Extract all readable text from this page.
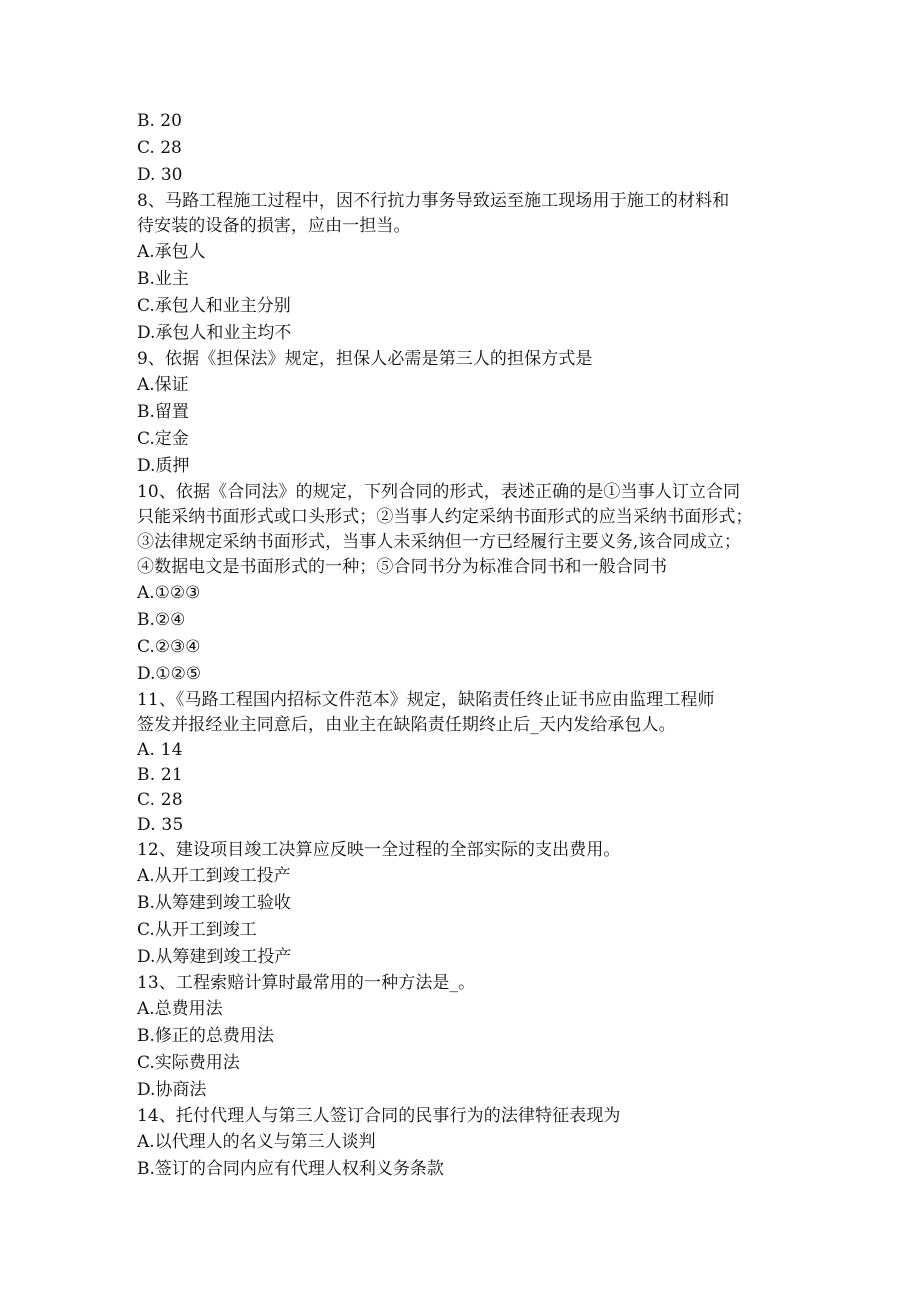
B. 20
C. 28
D. 30
8、马路工程施工过程中，因不行抗力事务导致运至施工现场用于施工的材料和
待安装的设备的损害，应由一担当。
A.承包人
B.业主
C.承包人和业主分别
D.承包人和业主均不
9、依据《担保法》规定，担保人必需是第三人的担保方式是
A.保证
B.留置
C.定金
D.质押
10、依据《合同法》的规定，下列合同的形式，表述正确的是①当事人订立合同
只能采纳书面形式或口头形式；②当事人约定采纳书面形式的应当采纳书面形式；
③法律规定采纳书面形式，当事人未采纳但一方已经履行主要义务,该合同成立；
④数据电文是书面形式的一种；⑤合同书分为标准合同书和一般合同书
A.①②③
B.②④
C.②③④
D.①②⑤
11、《马路工程国内招标文件范本》规定，缺陷责任终止证书应由监理工程师
签发并报经业主同意后，由业主在缺陷责任期终止后_天内发给承包人。
A. 14
B. 21
C. 28
D. 35
12、建设项目竣工决算应反映一全过程的全部实际的支出费用。
A.从开工到竣工投产
B.从筹建到竣工验收
C.从开工到竣工
D.从筹建到竣工投产
13、工程索赔计算时最常用的一种方法是_。
A.总费用法
B.修正的总费用法
C.实际费用法
D.协商法
14、托付代理人与第三人签订合同的民事行为的法律特征表现为
A.以代理人的名义与第三人谈判
B.签订的合同内应有代理人权利义务条款
